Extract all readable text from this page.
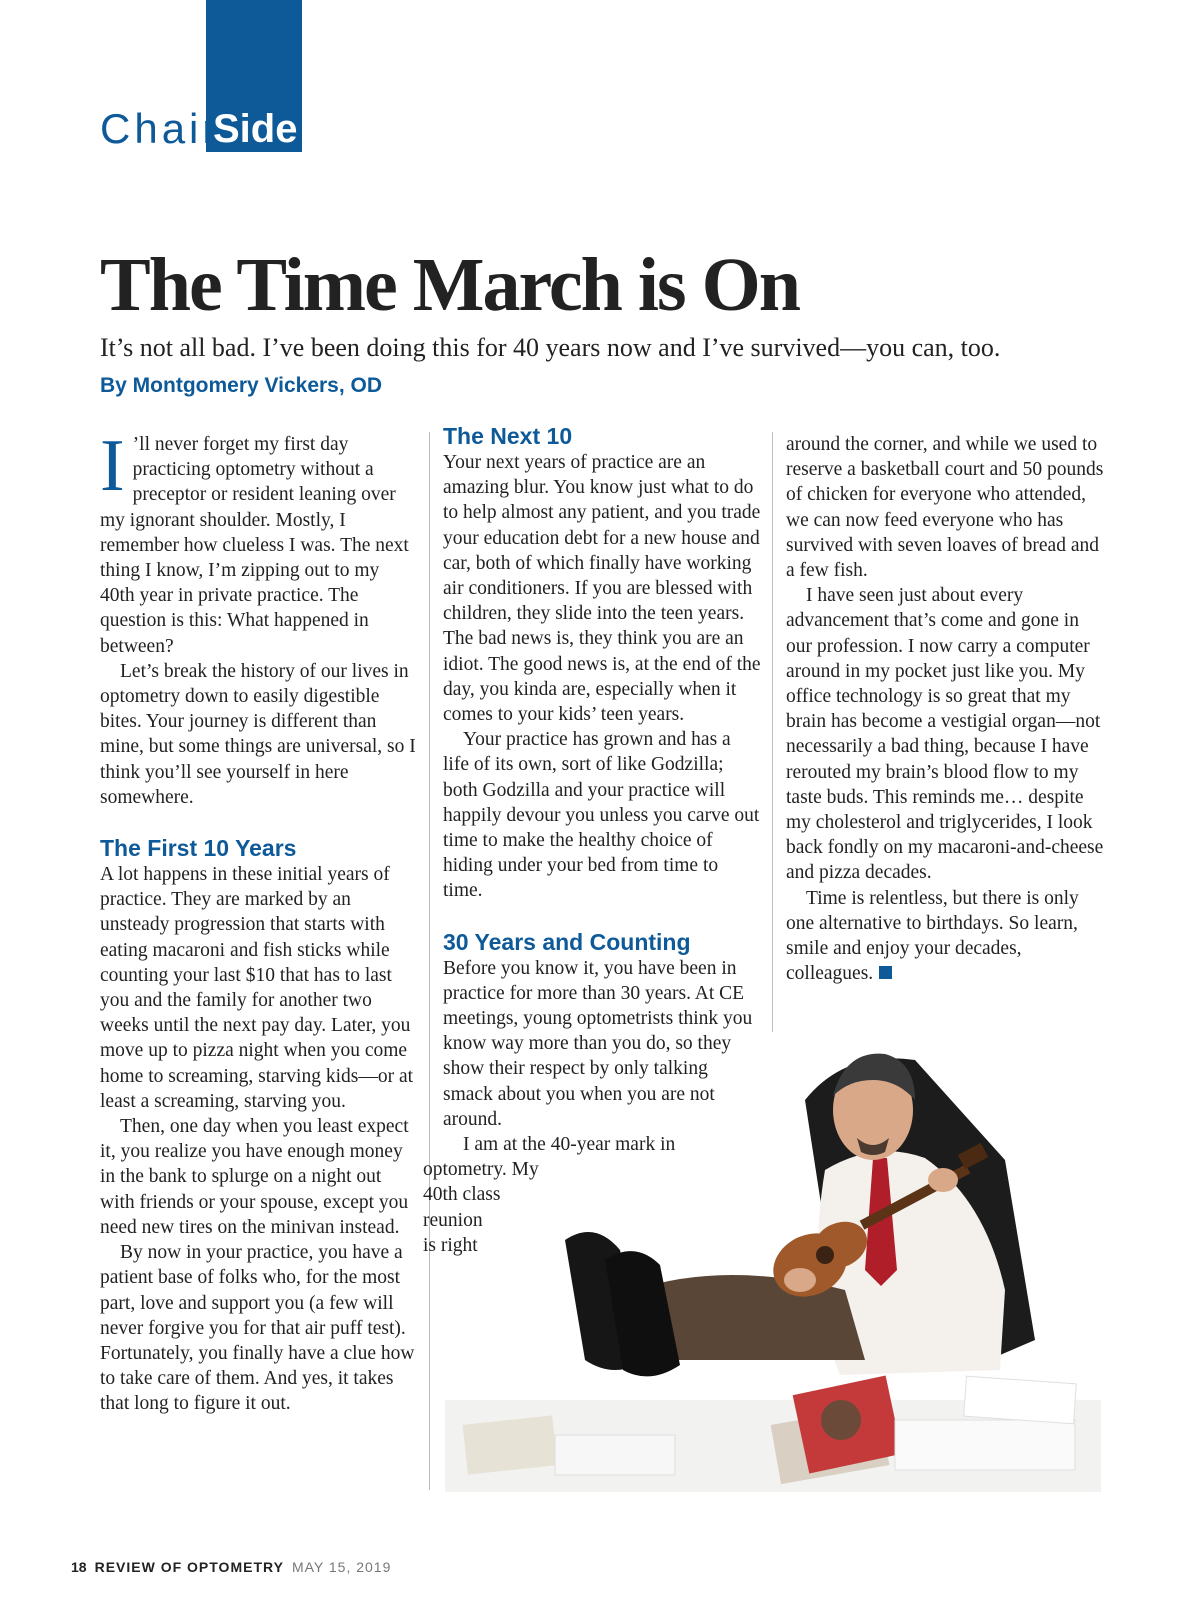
Chair
Side
The Time March is On

It’s not all bad. I’ve been doing this for 40 years now and I’ve survived—you can, too.

By Montgomery Vickers, OD

I ’ll never forget my first day practicing optometry without a preceptor or resident leaning over my ignorant shoulder. Mostly, I remember how clueless I was. The next thing I know, I’m zipping out to my 40th year in private practice. The question is this: What happened in between?

Let’s break the history of our lives in optometry down to easily digestible bites. Your journey is different than mine, but some things are universal, so I think you’ll see yourself in here somewhere.

The First 10 Years

A lot happens in these initial years of practice. They are marked by an unsteady progression that starts with eating macaroni and fish sticks while counting your last $10 that has to last you and the family for another two weeks until the next pay day. Later, you move up to pizza night when you come home to screaming, starving kids—or at least a screaming, starving you.

Then, one day when you least expect it, you realize you have enough money in the bank to splurge on a night out with friends or your spouse, except you need new tires on the minivan instead.

By now in your practice, you have a patient base of folks who, for the most part, love and support you (a few will never forgive you for that air puff test). Fortunately, you finally have a clue how to take care of them. And yes, it takes that long to figure it out.

The Next 10

Your next years of practice are an amazing blur. You know just what to do to help almost any patient, and you trade your education debt for a new house and car, both of which finally have working air conditioners. If you are blessed with children, they slide into the teen years. The bad news is, they think you are an idiot. The good news is, at the end of the day, you kinda are, especially when it comes to your kids’ teen years.

Your practice has grown and has a life of its own, sort of like Godzilla; both Godzilla and your practice will happily devour you unless you carve out time to make the healthy choice of hiding under your bed from time to time.

30 Years and Counting

Before you know it, you have been in practice for more than 30 years. At CE meetings, young optometrists think you know way more than you do, so they show their respect by only talking smack about you when you are not around.

I am at the 40-year mark in
optometry. My
40th class
reunion
is right

around the corner, and while we used to reserve a basketball court and 50 pounds of chicken for everyone who attended, we can now feed everyone who has survived with seven loaves of bread and a few fish.

I have seen just about every advancement that’s come and gone in our profession. I now carry a computer around in my pocket just like you. My office technology is so great that my brain has become a vestigial organ—not necessarily a bad thing, because I have rerouted my brain’s blood flow to my taste buds. This reminds me… despite my cholesterol and triglycerides, I look back fondly on my macaroni-and-cheese and pizza decades.

Time is relentless, but there is only one alternative to birthdays. So learn, smile and enjoy your decades, colleagues.

18 REVIEW OF OPTOMETRY MAY 15, 2019
